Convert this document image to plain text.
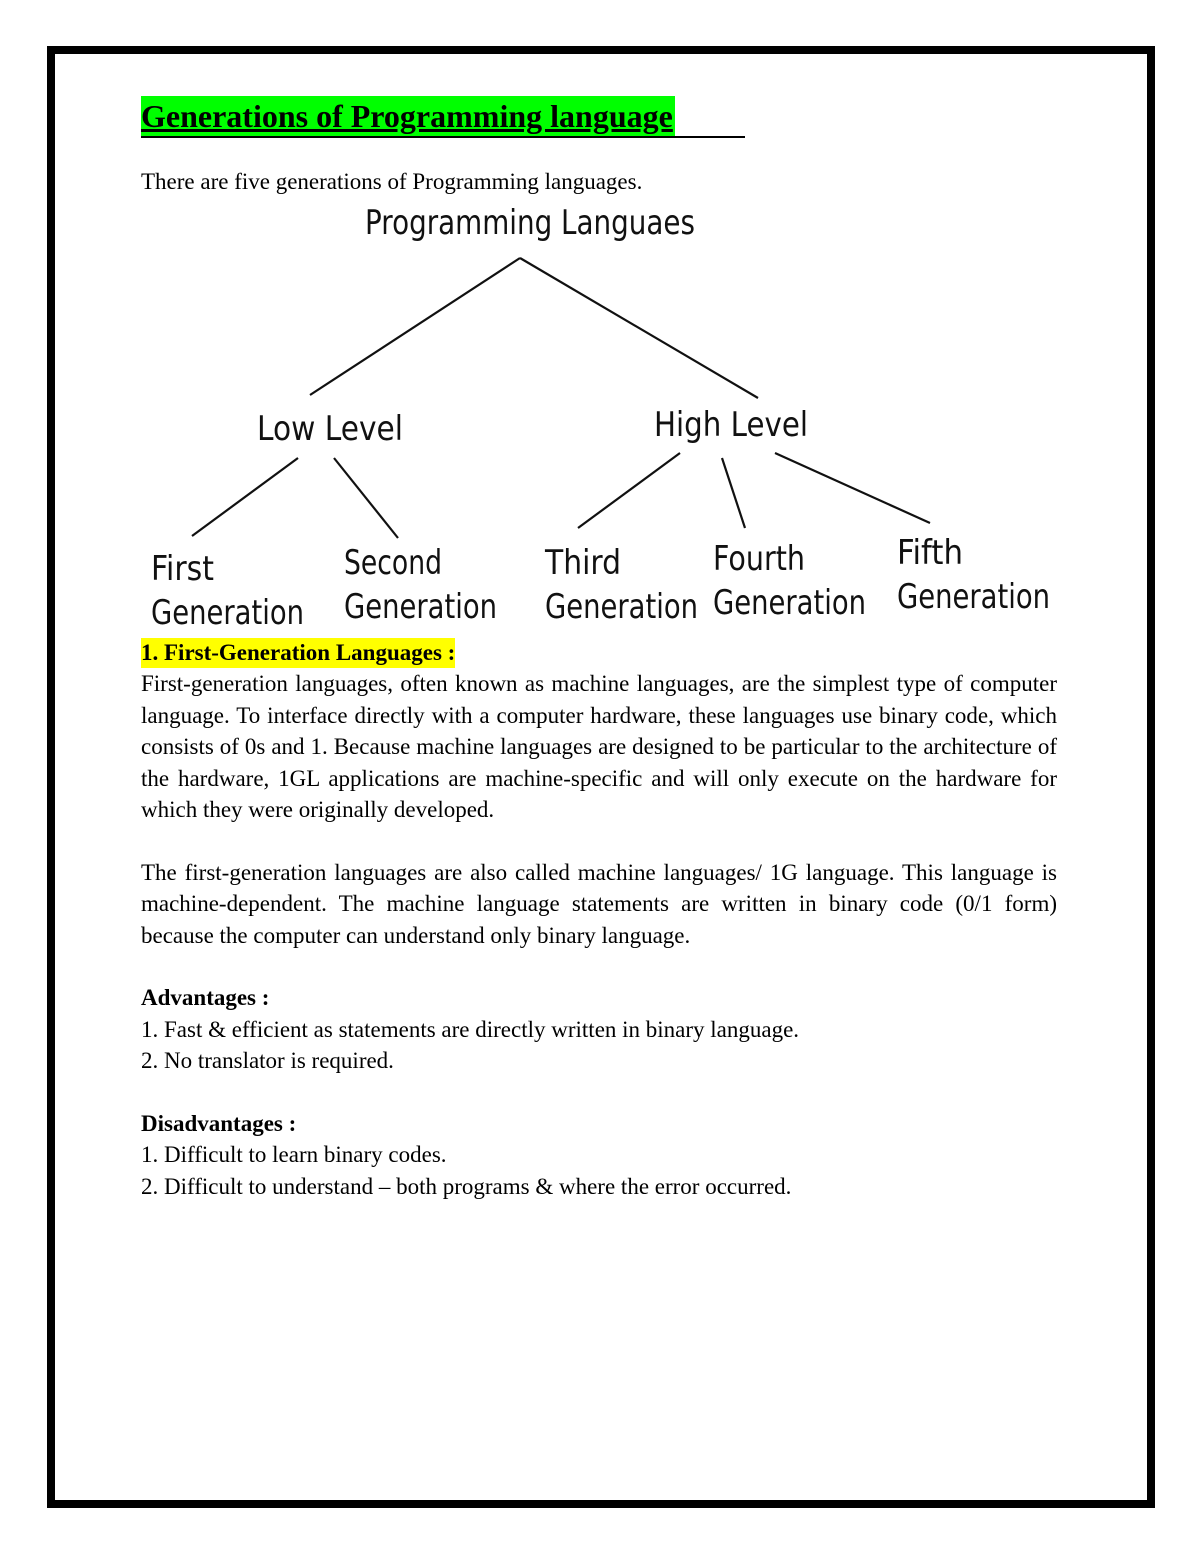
Generations of Programming language

There are five generations of Programming languages.

Programming Languaes
Low Level	High Level
First
Generation
Second
Generation
Third
Generation
Fourth
Generation
Fifth
Generation
1. First-Generation Languages :

First-generation languages, often known as machine languages, are the simplest type of computer language. To interface directly with a computer hardware, these languages use binary code, which consists of 0s and 1. Because machine languages are designed to be particular to the architecture of the hardware, 1GL applications are machine-specific and will only execute on the hardware for which they were originally developed.

The first-generation languages are also called machine languages/ 1G language. This language is machine-dependent. The machine language statements are written in binary code (0/1 form) because the computer can understand only binary language.

Advantages :

1. Fast & efficient as statements are directly written in binary language.

2. No translator is required.

Disadvantages :

1. Difficult to learn binary codes.

2. Difficult to understand – both programs & where the error occurred.
